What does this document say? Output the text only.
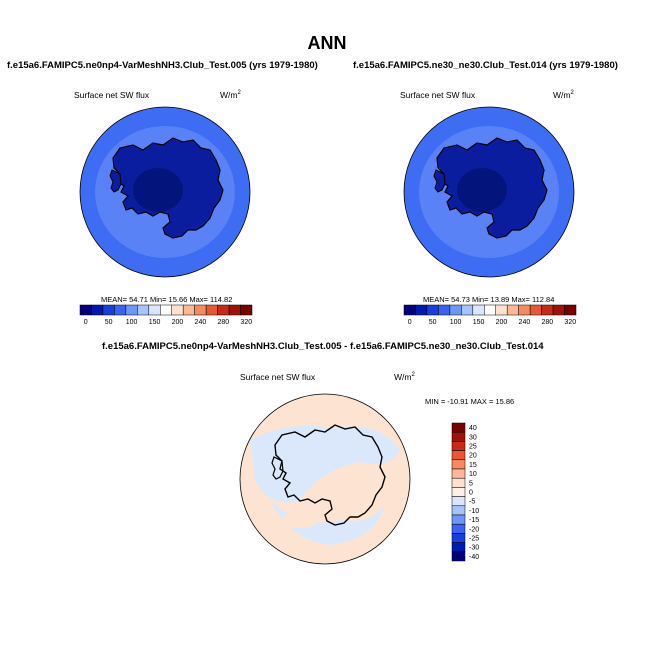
ANN
f.e15a6.FAMIPC5.ne0np4-VarMeshNH3.Club_Test.005 (yrs 1979-1980)
Surface net SW flux	$W/m^2$
f.e15a6.FAMIPC5.ne30_ne30.Club_Test.014 (yrs 1979-1980)
Surface net SW flux	$W/m^2$
f.e15a6.FAMIPC5.ne0np4-VarMeshNH3.Club_Test.005 - f.e15a6.FAMIPC5.ne30_ne30.Club_Test.014
Surface net SW flux	$W/m^2$
MIN = -10.91 MAX = 15.86
MEAN= 54.71 Min= 15.66 Max= 114.82	MEAN= 54.73 Min= 13.89 Max= 112.84
0 50 100 150 200 240 280 320	0 50 100 150 200 240 280 320
40
30
25
20
15
10
5
0
-5
-10
-15
-20
-25
-30
-40
